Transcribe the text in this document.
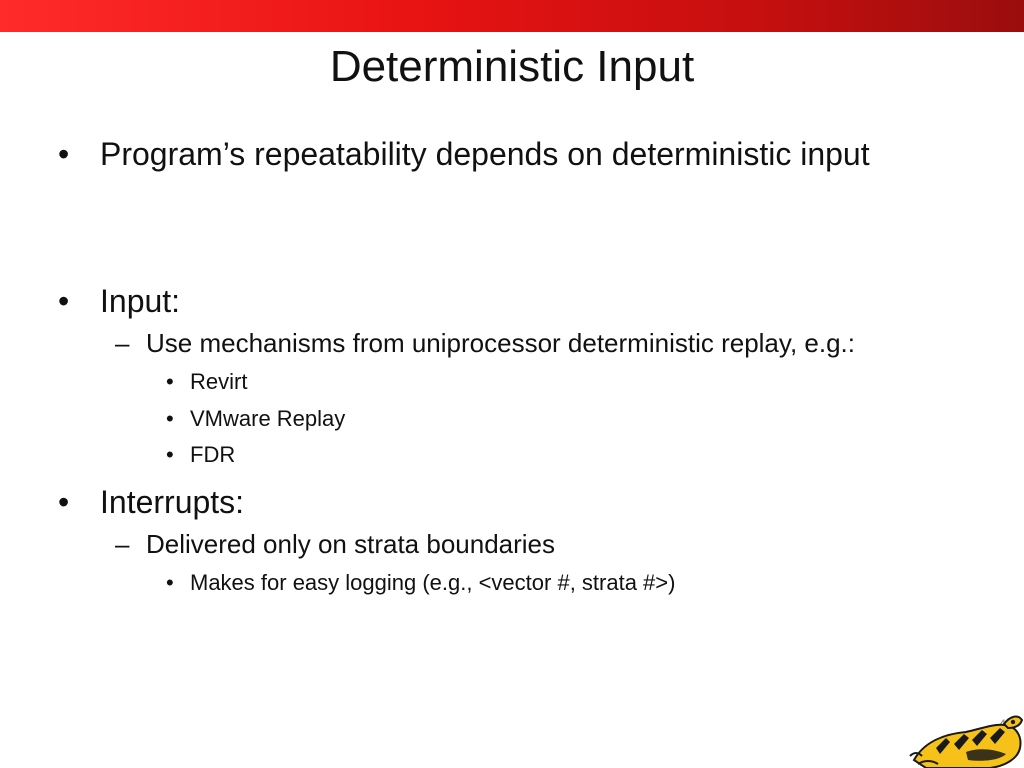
Deterministic Input
• Program’s repeatability depends on deterministic input
• Input:
– Use mechanisms from uniprocessor deterministic replay, e.g.:
• Revirt
• VMware Replay
• FDR
• Interrupts:
– Delivered only on strata boundaries
• Makes for easy logging (e.g., <vector #, strata #>)
